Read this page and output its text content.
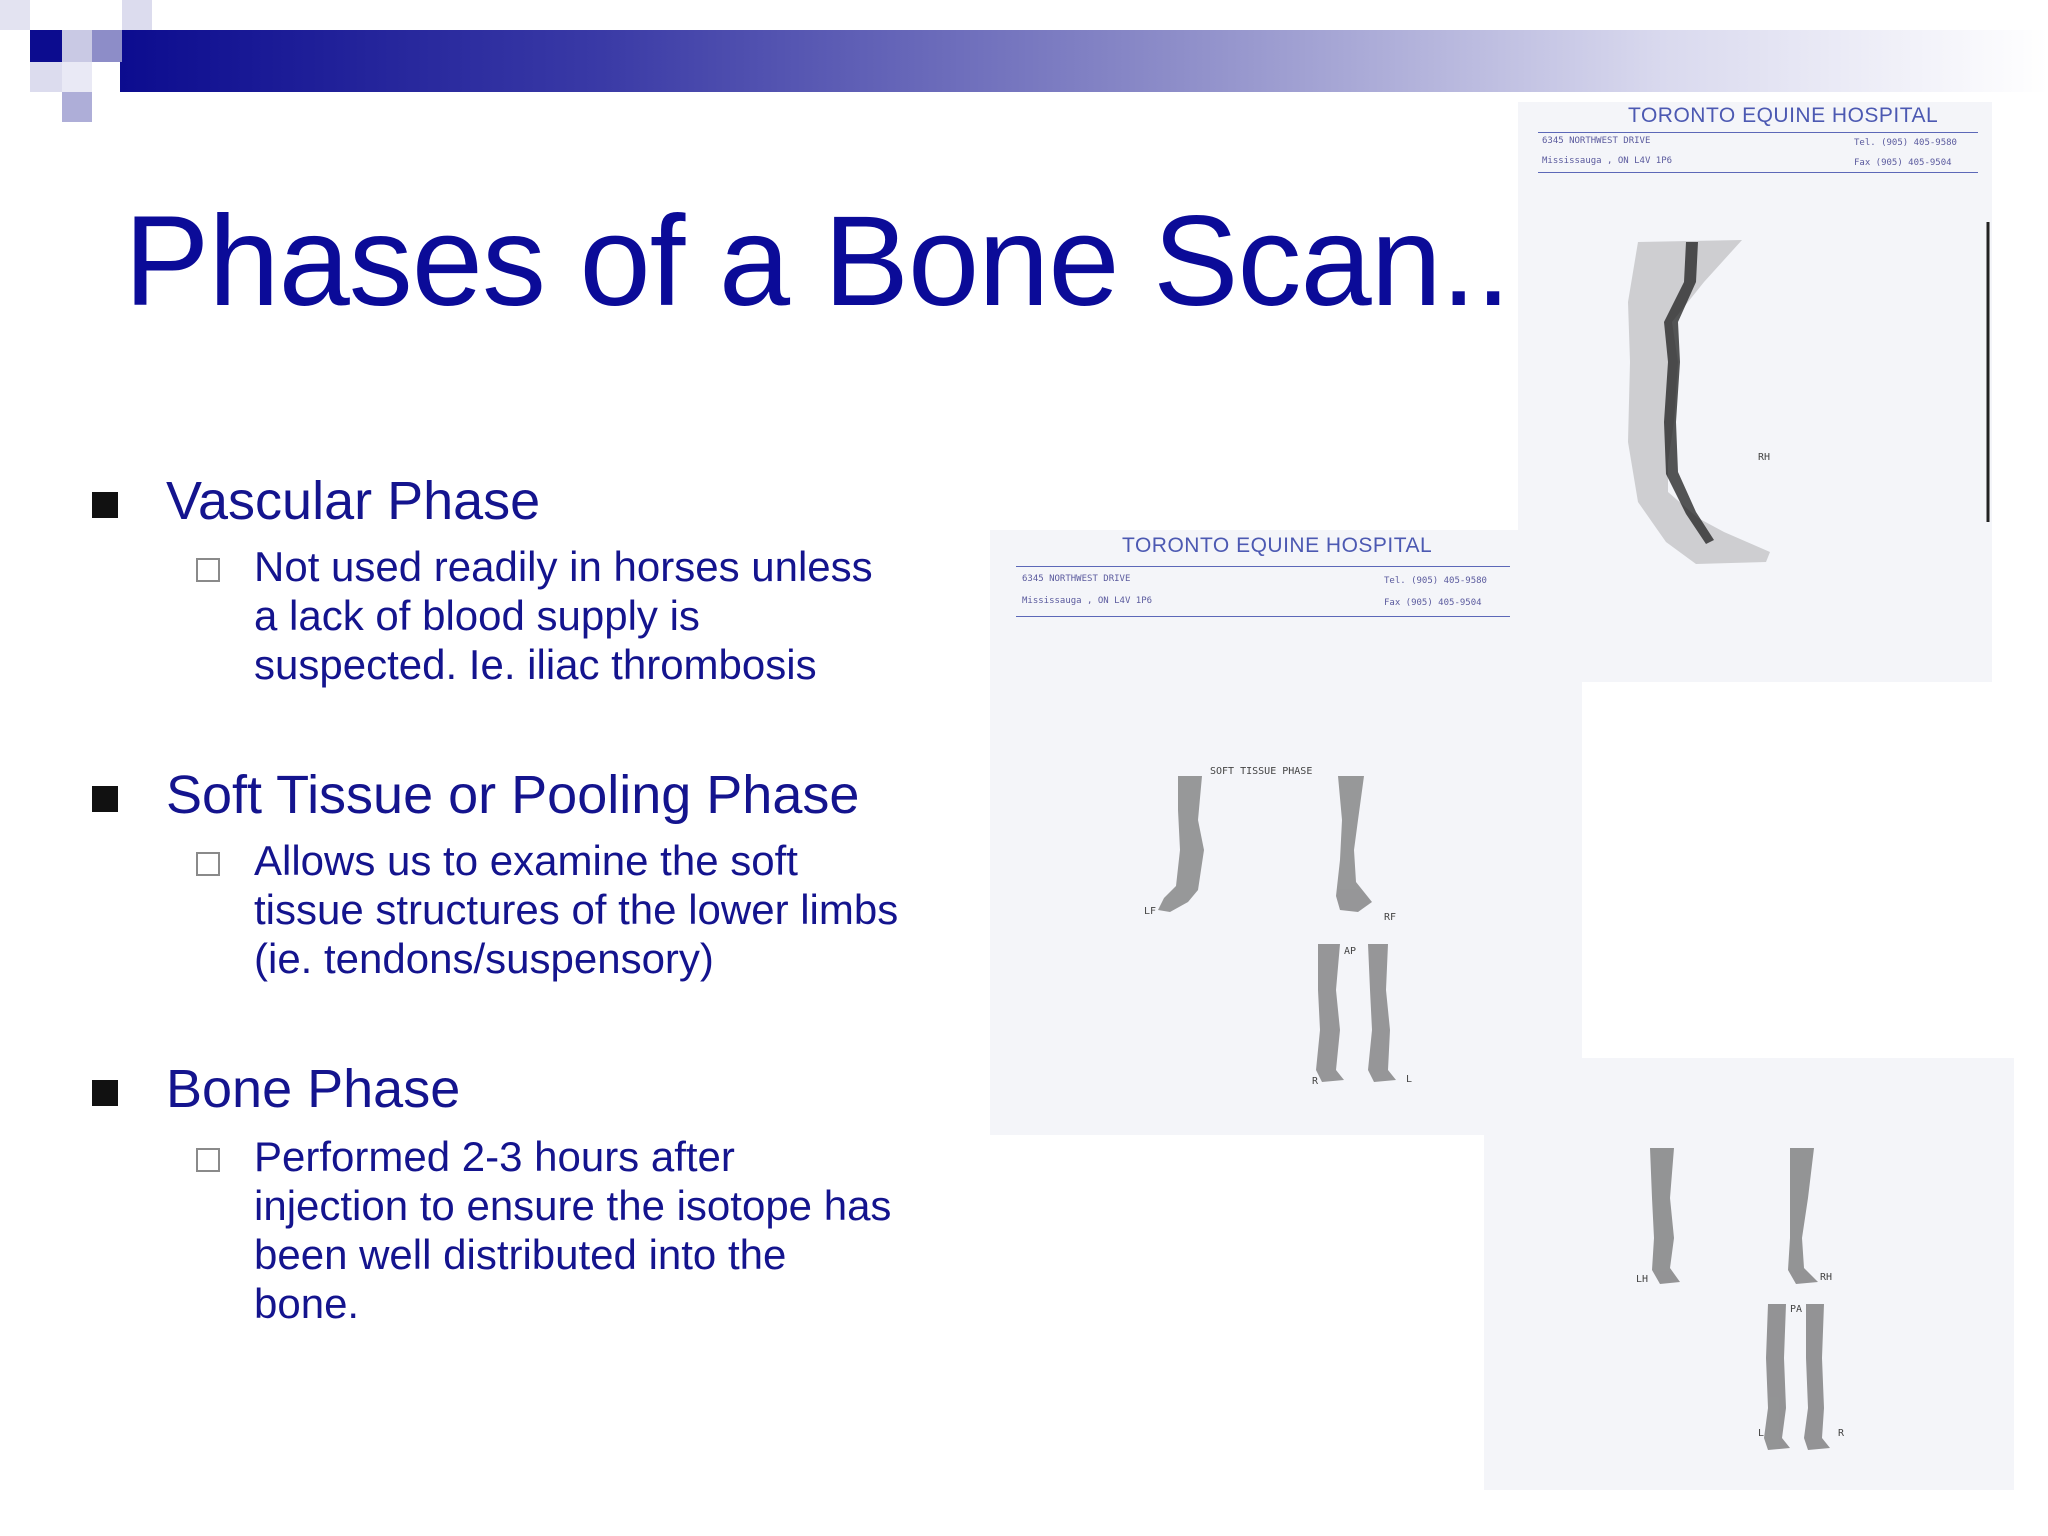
Phases of a Bone Scan..
Vascular Phase
Not used readily in horses unless
a lack of blood supply is
suspected. Ie. iliac thrombosis
Soft Tissue or Pooling Phase
Allows us to examine the soft
tissue structures of the lower limbs
(ie. tendons/suspensory)
Bone Phase
Performed 2-3 hours after
injection to ensure the isotope has
been well distributed into the
bone.
TORONTO EQUINE HOSPITAL
6345 NORTHWEST DRIVE
Mississauga , ON L4V 1P6
Tel. (905) 405-9580
Fax (905) 405-9504
SOFT TISSUE PHASE
LF
RF
AP
R	L
TORONTO EQUINE HOSPITAL
6345 NORTHWEST DRIVE
Mississauga , ON L4V 1P6
Tel. (905) 405-9580
Fax (905) 405-9504
RH
LH	RH
PA
L	R
